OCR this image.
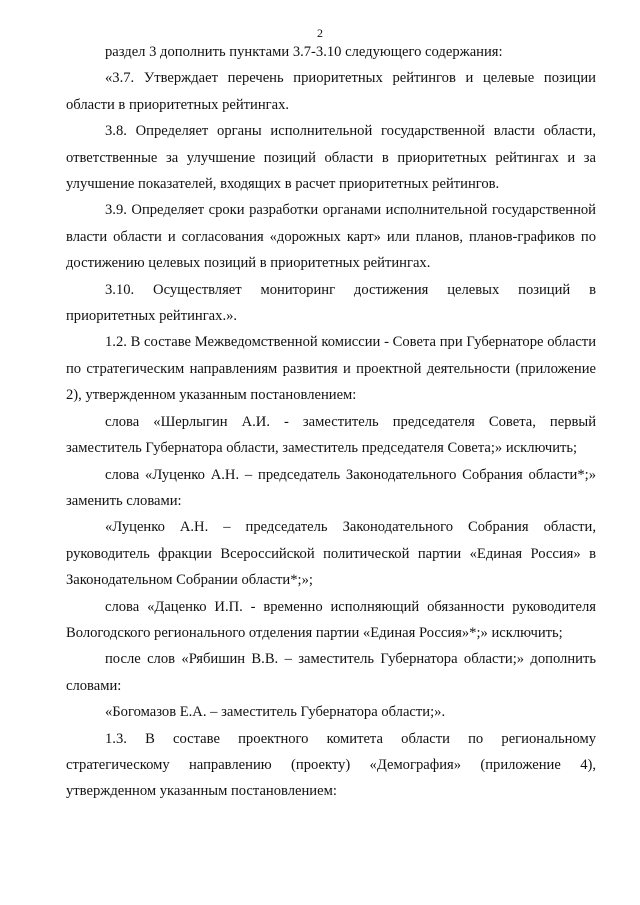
2

раздел 3 дополнить пунктами 3.7-3.10 следующего содержания:

«3.7. Утверждает перечень приоритетных рейтингов и целевые позиции области в приоритетных рейтингах.

3.8. Определяет органы исполнительной государственной власти области, ответственные за улучшение позиций области в приоритетных рейтингах и за улучшение показателей, входящих в расчет приоритетных рейтингов.

3.9. Определяет сроки разработки органами исполнительной государственной власти области и согласования «дорожных карт» или планов, планов-графиков по достижению целевых позиций в приоритетных рейтингах.

3.10. Осуществляет мониторинг достижения целевых позиций в приоритетных рейтингах.».

1.2. В составе Межведомственной комиссии - Совета при Губернаторе области по стратегическим направлениям развития и проектной деятельности (приложение 2), утвержденном указанным постановлением:

слова «Шерлыгин А.И. - заместитель председателя Совета, первый заместитель Губернатора области, заместитель председателя Совета;» исключить;

слова «Луценко А.Н. – председатель Законодательного Собрания области*;» заменить словами:

«Луценко А.Н. – председатель Законодательного Собрания области, руководитель фракции Всероссийской политической партии «Единая Россия» в Законодательном Собрании области*;»;

слова «Даценко И.П. - временно исполняющий обязанности руководителя Вологодского регионального отделения партии «Единая Россия»*;» исключить;

после слов «Рябишин В.В. – заместитель Губернатора области;» дополнить словами:

«Богомазов Е.А. – заместитель Губернатора области;».

1.3. В составе проектного комитета области по региональному стратегическому направлению (проекту) «Демография» (приложение 4), утвержденном указанным постановлением:
